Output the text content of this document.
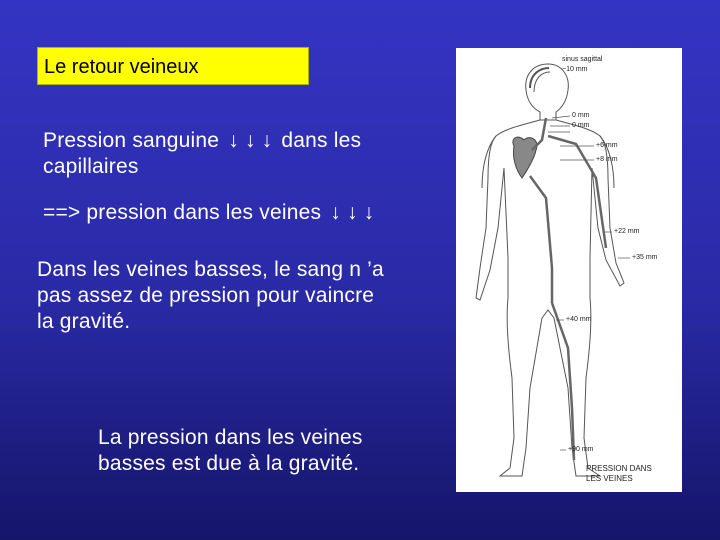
Le retour veineux
Pression sanguine ↓ ↓ ↓ dans les
capillaires
==> pression dans les veines ↓ ↓ ↓
Dans les veines basses, le sang n ’a
pas assez de pression pour vaincre
la gravité.
La pression dans les veines
basses est due à la gravité.
sinus sagittal
−10 mm
0 mm
0 mm
+6 mm
+8 mm
+22 mm
+35 mm
+40 mm
+90 mm
PRESSION DANS
LES VEINES
